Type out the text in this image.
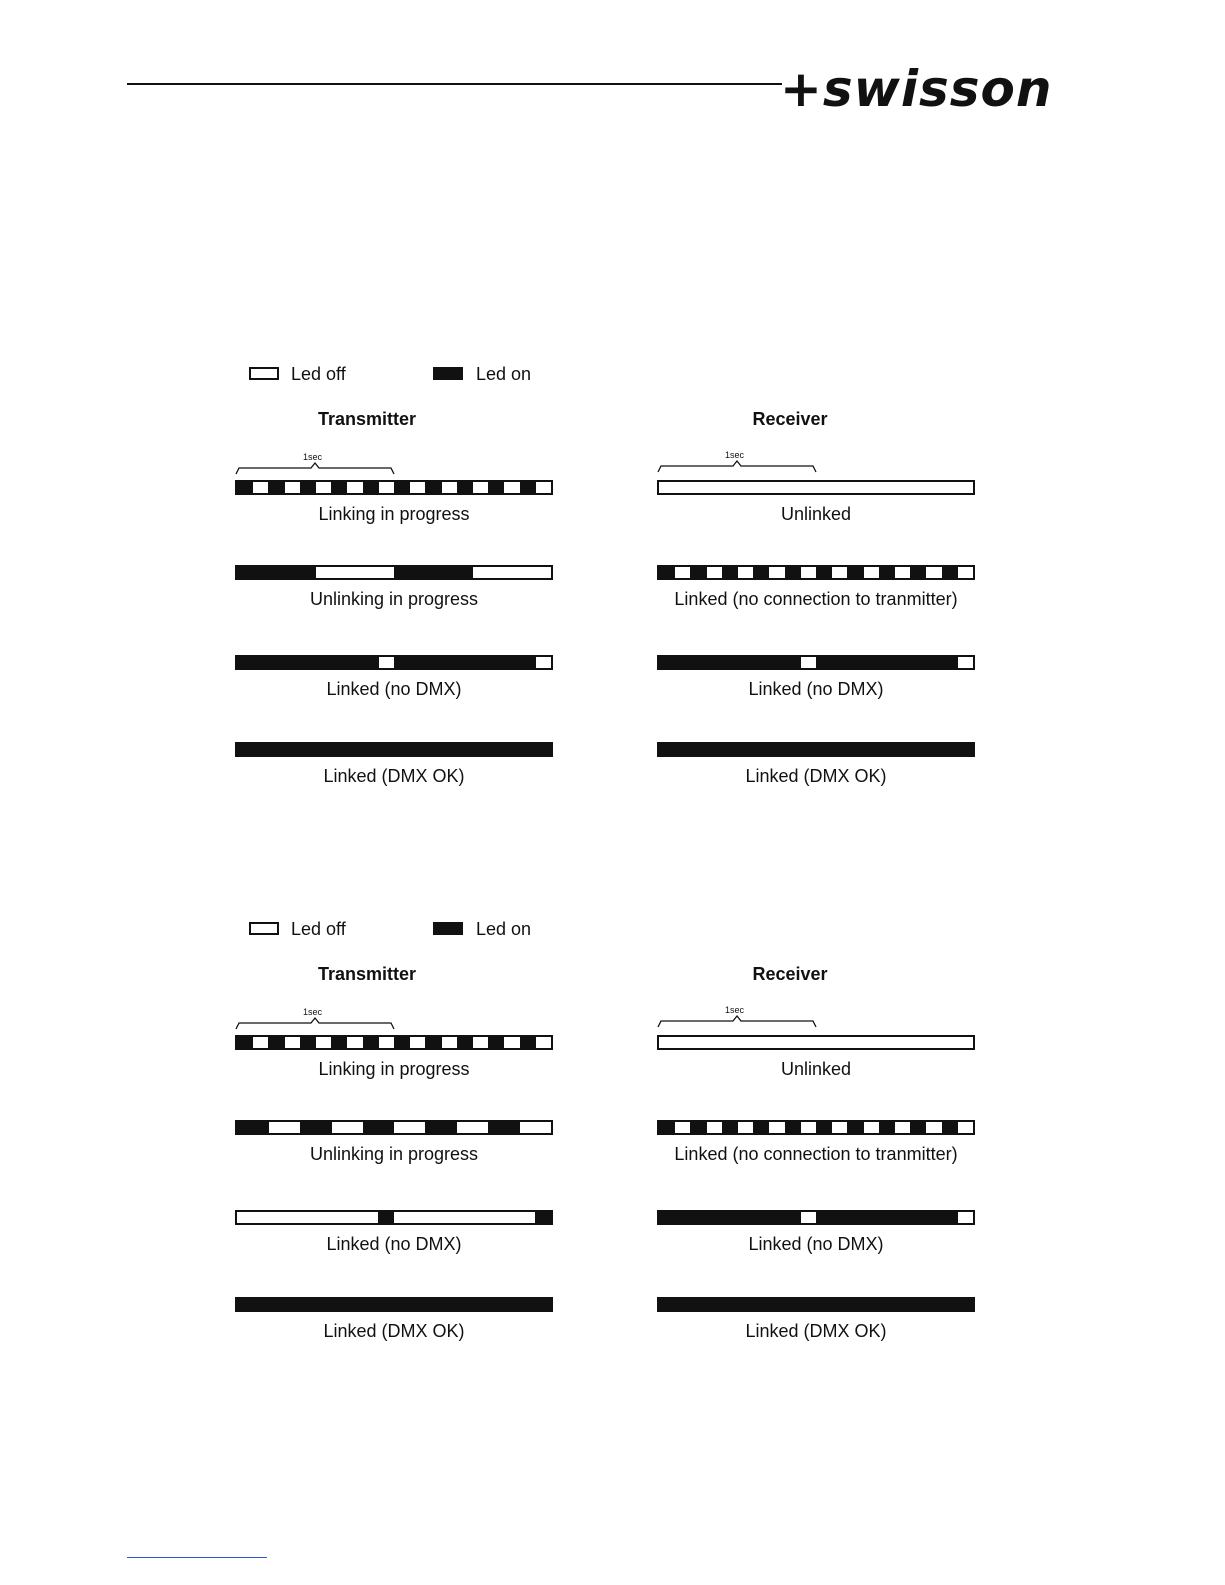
+swisson
Led off	Led on
Transmitter
1sec
Linking in progress
Unlinking in progress
Linked (no DMX)
Linked (DMX OK)
Receiver
1sec
Unlinked
Linked (no connection to tranmitter)
Linked (no DMX)
Linked (DMX OK)
Led off	Led on
Transmitter
1sec
Linking in progress
Unlinking in progress
Linked (no DMX)
Linked (DMX OK)
Receiver
1sec
Unlinked
Linked (no connection to tranmitter)
Linked (no DMX)
Linked (DMX OK)
